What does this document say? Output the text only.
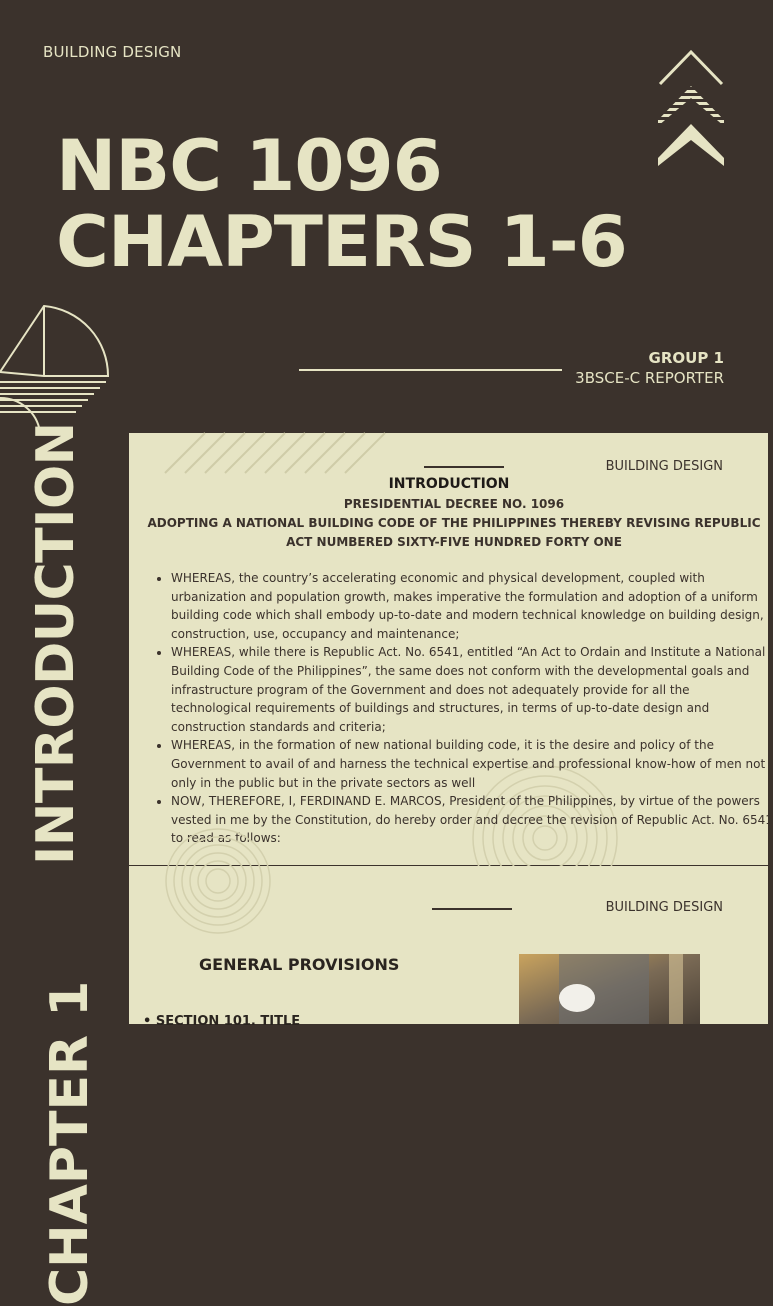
BUILDING DESIGN
NBC 1096
CHAPTERS 1-6
GROUP 1
3BSCE-C REPORTER
INTRODUCTION	BUILDING DESIGN
INTRODUCTION
PRESIDENTIAL DECREE NO. 1096
ADOPTING A NATIONAL BUILDING CODE OF THE PHILIPPINES THEREBY REVISING REPUBLIC ACT NUMBERED SIXTY-FIVE HUNDRED FORTY ONE
• WHEREAS, the country’s accelerating economic and physical development, coupled with urbanization and population growth, makes imperative the formulation and adoption of a uniform building code which shall embody up-to-date and modern technical knowledge on building design, construction, use, occupancy and maintenance;
• WHEREAS, while there is Republic Act. No. 6541, entitled “An Act to Ordain and Institute a National Building Code of the Philippines”, the same does not conform with the developmental goals and infrastructure program of the Government and does not adequately provide for all the technological requirements of buildings and structures, in terms of up-to-date design and construction standards and criteria;
• WHEREAS, in the formation of new national building code, it is the desire and policy of the Government to avail of and harness the technical expertise and professional know-how of men not only in the public but in the private sectors as well
• NOW, THEREFORE, I, FERDINAND E. MARCOS, President of the Philippines, by virtue of the powers vested in me by the Constitution, do hereby order and decree the revision of Republic Act. No. 6541 to read as follows:
CHAPTER 1
BUILDING DESIGN
GENERAL PROVISIONS
• SECTION 101. TITLE
